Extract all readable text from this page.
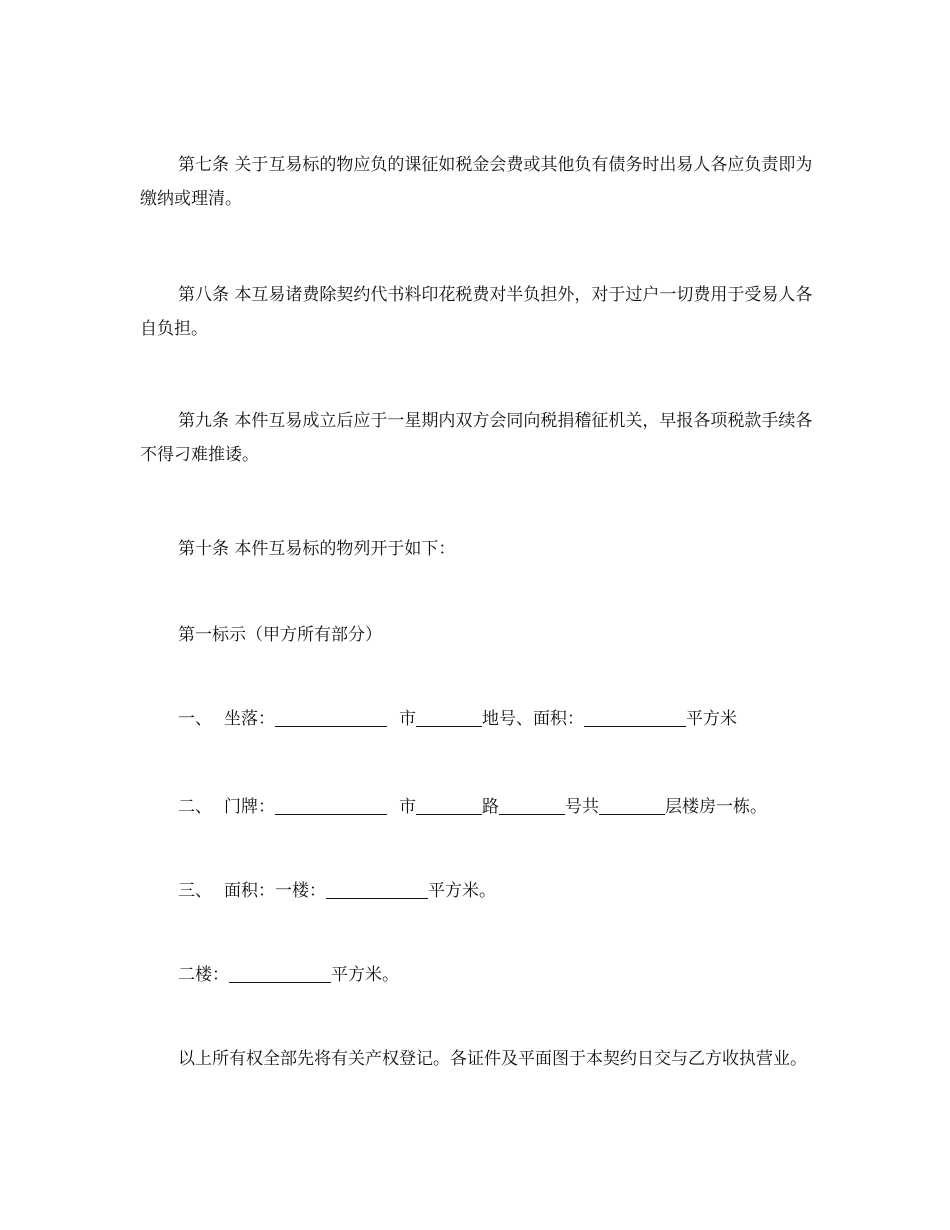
第七条 关于互易标的物应负的课征如税金会费或其他负有债务时出易人各应负责即为缴纳或理清。

第八条 本互易诸费除契约代书料印花税费对半负担外，对于过户一切费用于受易人各自负担。

第九条 本件互易成立后应于一星期内双方会同向税捐稽征机关，早报各项税款手续各不得刁难推诿。

第十条 本件互易标的物列开于如下：

第一标示（甲方所有部分）

一、 坐落：	市	地号、面积：	平方米

二、 门牌：	市	路	号共	层楼房一栋。

三、 面积：一楼：	平方米。

二楼：	平方米。

以上所有权全部先将有关产权登记。各证件及平面图于本契约日交与乙方收执营业。
